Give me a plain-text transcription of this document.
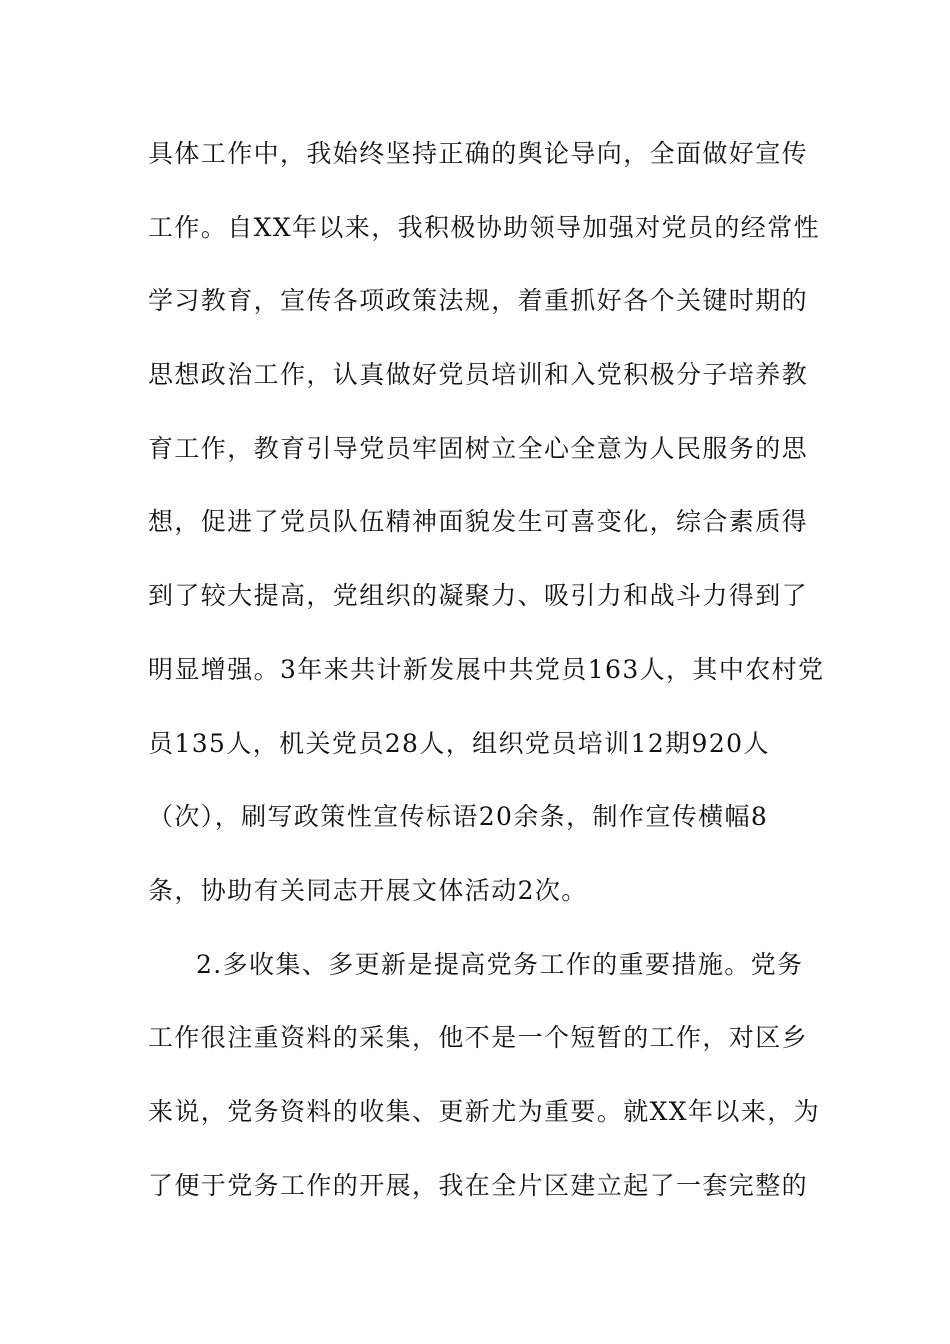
具体工作中，我始终坚持正确的舆论导向，全面做好宣传
工作。自XX年以来，我积极协助领导加强对党员的经常性
学习教育，宣传各项政策法规，着重抓好各个关键时期的
思想政治工作，认真做好党员培训和入党积极分子培养教
育工作，教育引导党员牢固树立全心全意为人民服务的思
想，促进了党员队伍精神面貌发生可喜变化，综合素质得
到了较大提高，党组织的凝聚力、吸引力和战斗力得到了
明显增强。3年来共计新发展中共党员163人，其中农村党
员135人，机关党员28人，组织党员培训12期920人
（次），刷写政策性宣传标语20余条，制作宣传横幅8
条，协助有关同志开展文体活动2次。
2.多收集、多更新是提高党务工作的重要措施。党务
工作很注重资料的采集，他不是一个短暂的工作，对区乡
来说，党务资料的收集、更新尤为重要。就XX年以来，为
了便于党务工作的开展，我在全片区建立起了一套完整的
